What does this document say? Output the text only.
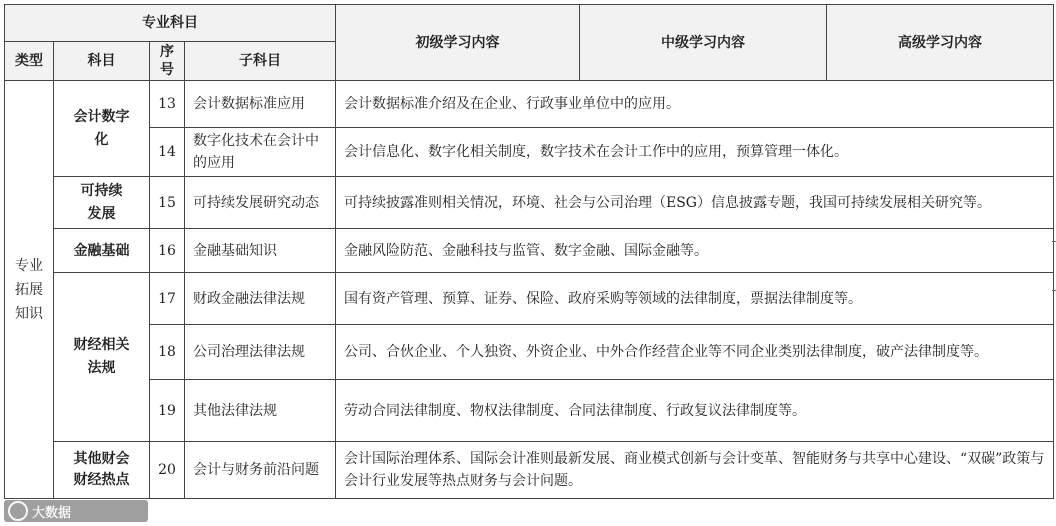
专业科目				初级学习内容	中级学习内容	高级学习内容
类型	科目	序号	子科目			

专业拓展知识	会计数字化	13	会计数据标准应用	会计数据标准介绍及在企业、行政事业单位中的应用。		
		14	数字化技术在会计中的应用	会计信息化、数字化相关制度，数字技术在会计工作中的应用，预算管理一体化。		

	可持续发展	15	可持续发展研究动态	可持续披露准则相关情况，环境、社会与公司治理（ESG）信息披露专题，我国可持续发展相关研究等。		
	金融基础	16	金融基础知识	金融风险防范、金融科技与监管、数字金融、国际金融等。		

	财经相关法规	17	财政金融法律法规	国有资产管理、预算、证券、保险、政府采购等领域的法律制度，票据法律制度等。		
		18	公司治理法律法规	公司、合伙企业、个人独资、外资企业、中外合作经营企业等不同企业类别法律制度，破产法律制度等。		
		19	其他法律法规	劳动合同法律制度、物权法律制度、合同法律制度、行政复议法律制度等。		

	其他财会财经热点	20	会计与财务前沿问题	会计国际治理体系、国际会计准则最新发展、商业模式创新与会计变革、智能财务与共享中心建设、“双碳”政策与会计行业发展等热点财务与会计问题。		
大数据
